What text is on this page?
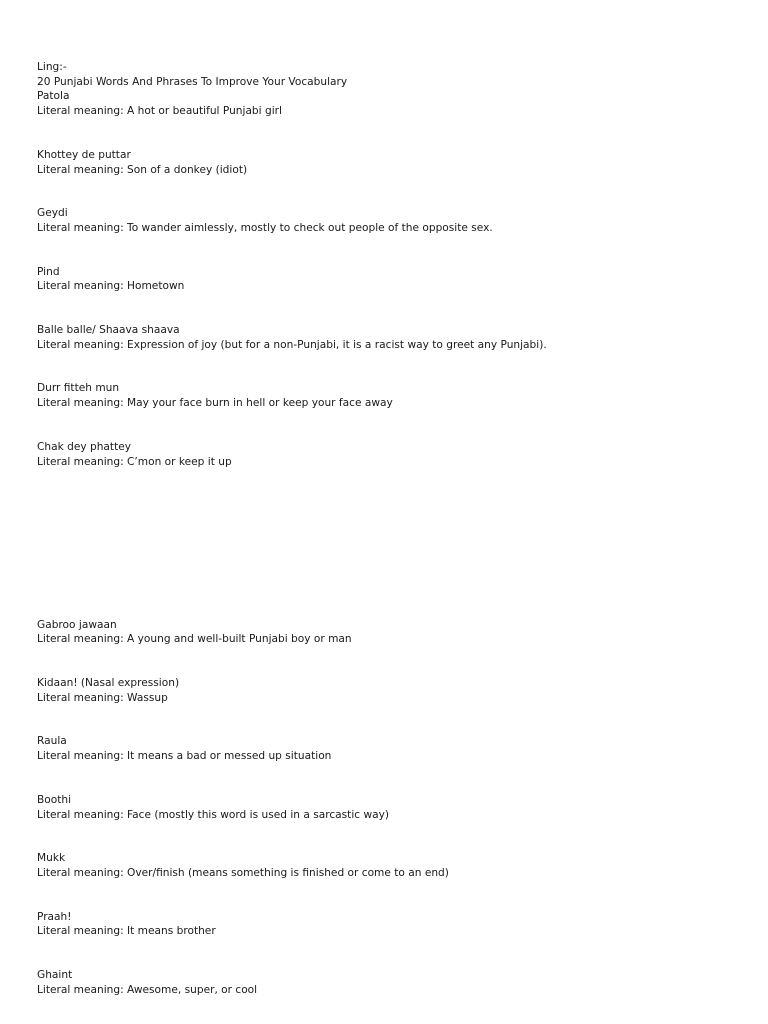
Ling:-
20 Punjabi Words And Phrases To Improve Your Vocabulary
Patola
Literal meaning: A hot or beautiful Punjabi girl
Khottey de puttar
Literal meaning: Son of a donkey (idiot)
Geydi
Literal meaning: To wander aimlessly, mostly to check out people of the opposite sex.
Pind
Literal meaning: Hometown
Balle balle/ Shaava shaava
Literal meaning: Expression of joy (but for a non-Punjabi, it is a racist way to greet any Punjabi).
Durr fitteh mun
Literal meaning: May your face burn in hell or keep your face away
Chak dey phattey
Literal meaning: C’mon or keep it up
Gabroo jawaan
Literal meaning: A young and well-built Punjabi boy or man
Kidaan! (Nasal expression)
Literal meaning: Wassup
Raula
Literal meaning: It means a bad or messed up situation
Boothi
Literal meaning: Face (mostly this word is used in a sarcastic way)
Mukk
Literal meaning: Over/finish (means something is finished or come to an end)
Praah!
Literal meaning: It means brother
Ghaint
Literal meaning: Awesome, super, or cool
